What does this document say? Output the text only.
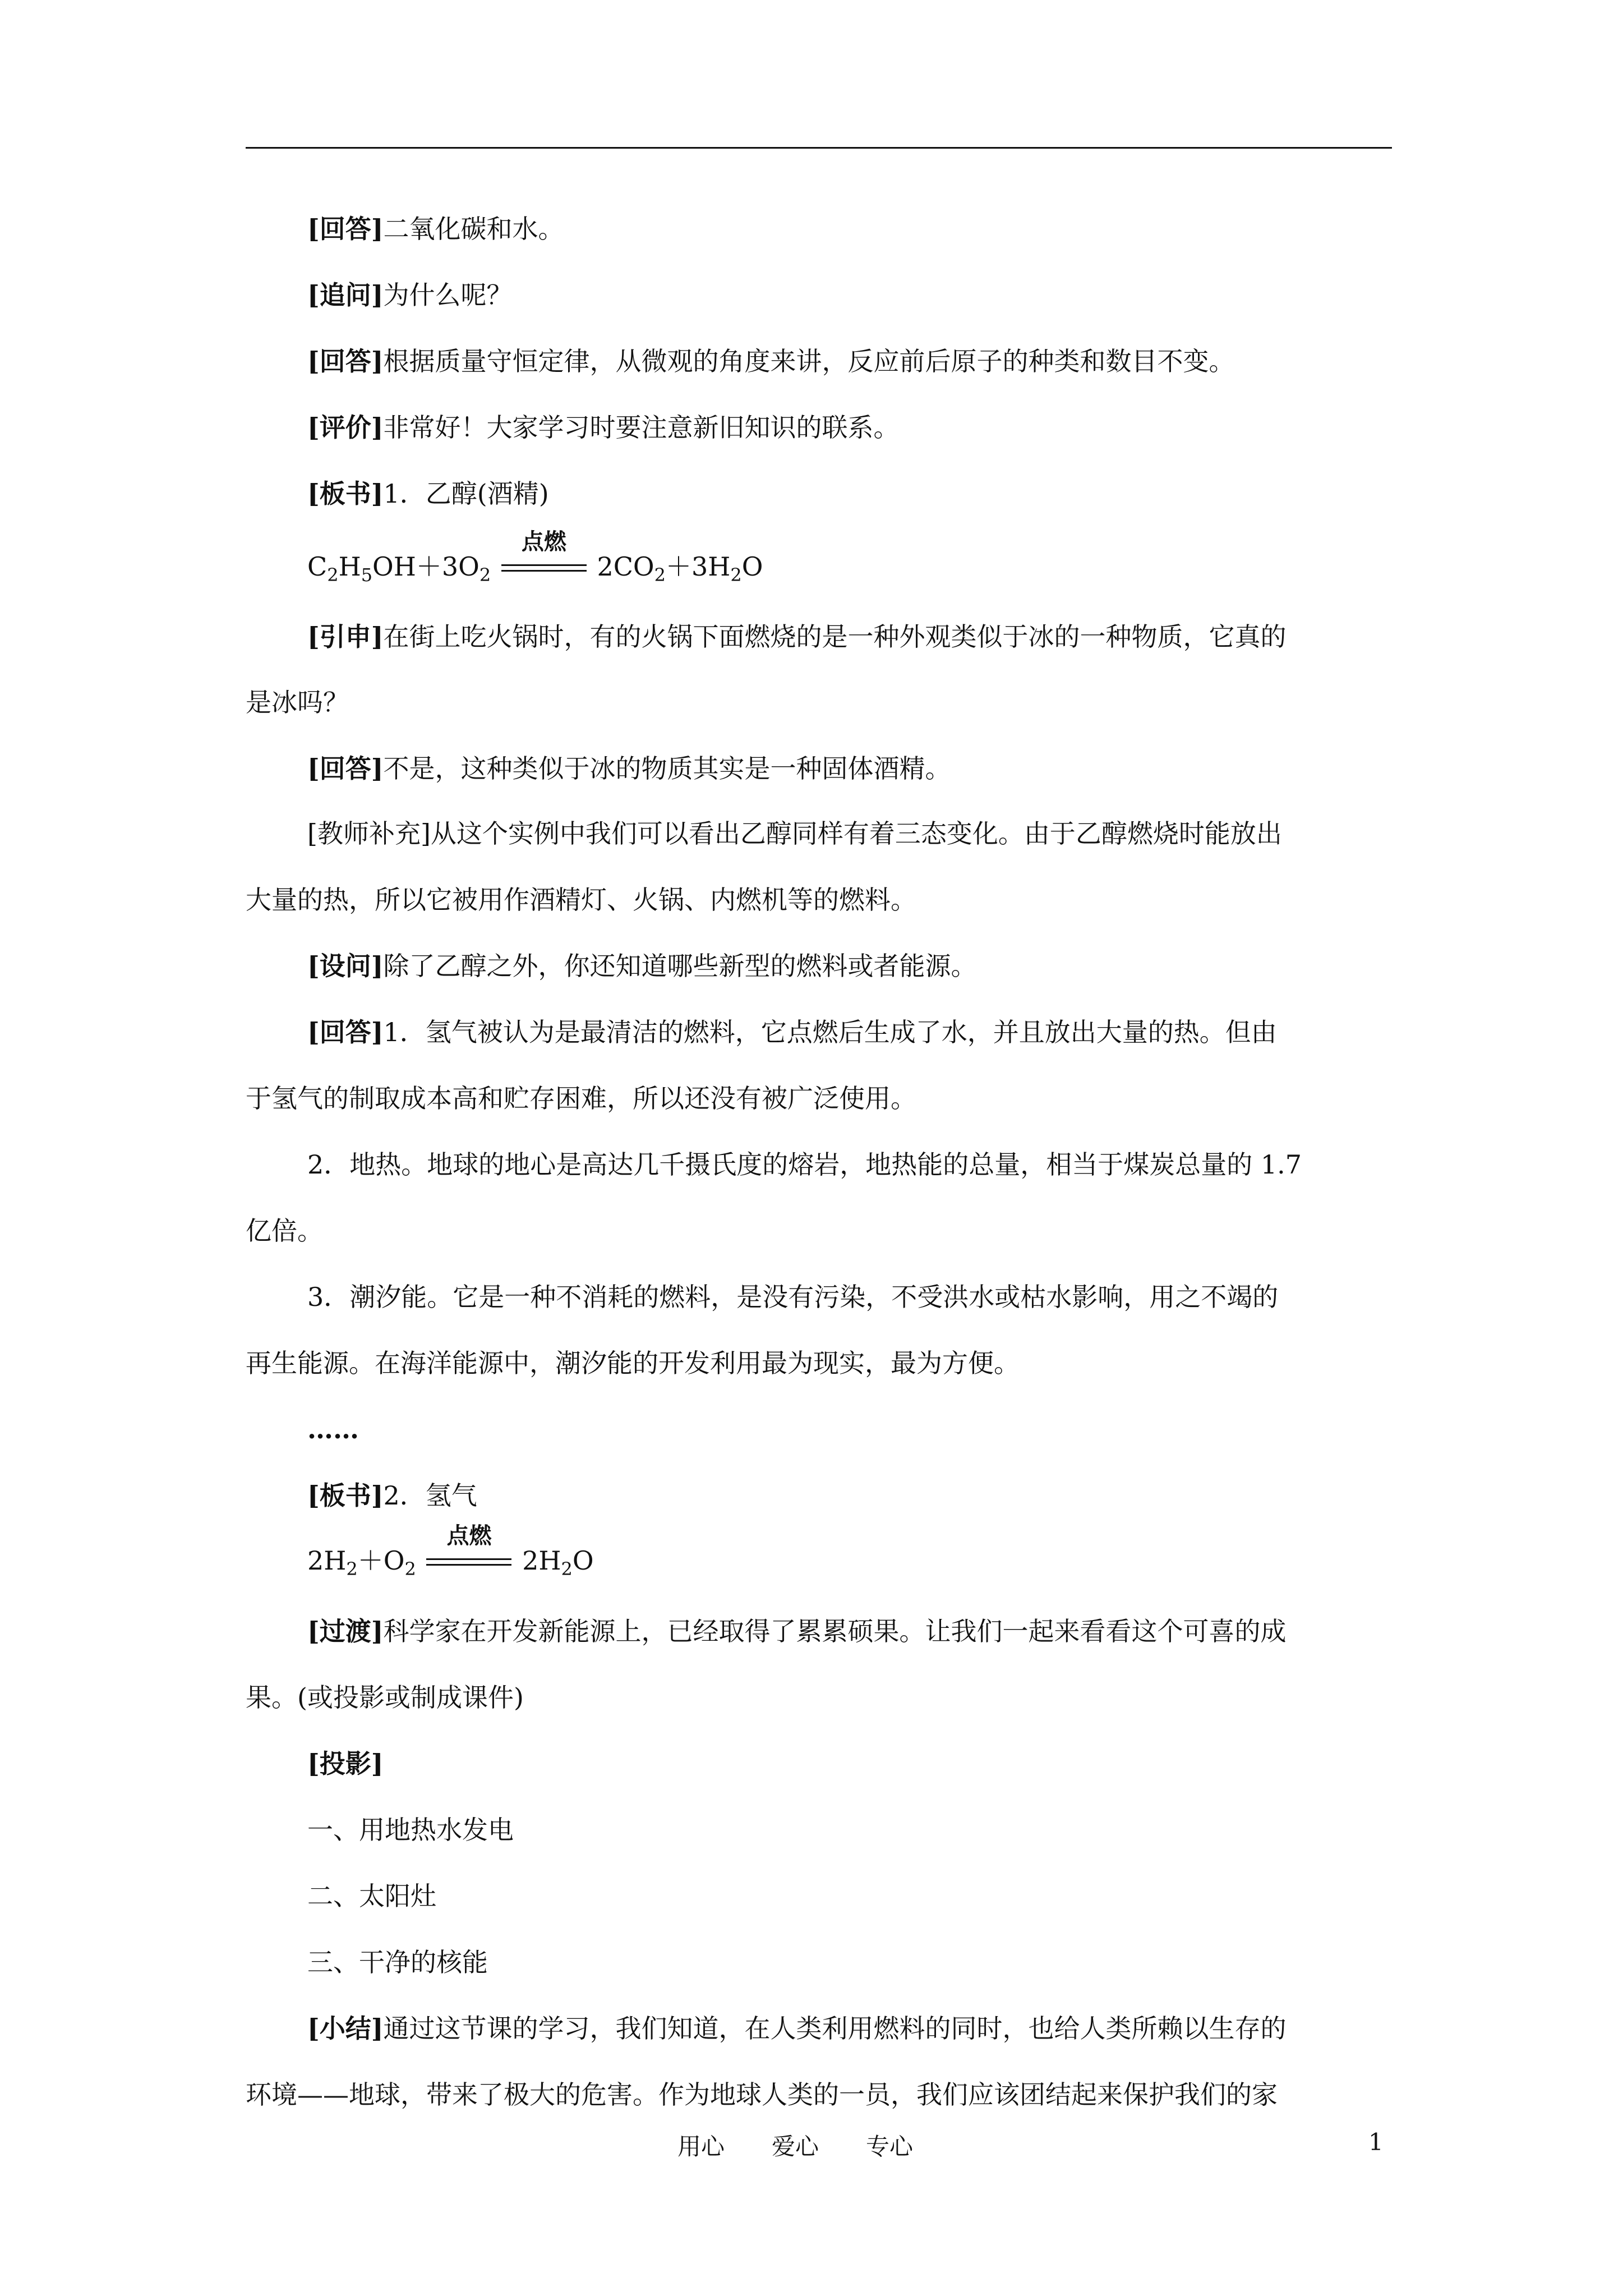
[回答]二氧化碳和水。
[追问]为什么呢？
[回答]根据质量守恒定律，从微观的角度来讲，反应前后原子的种类和数目不变。
[评价]非常好！大家学习时要注意新旧知识的联系。
[板书]1．乙醇(酒精)
$C_2H_5OH+3O_2$
点燃
$2CO_2+3H_2O$
[引申]在街上吃火锅时，有的火锅下面燃烧的是一种外观类似于冰的一种物质，它真的
是冰吗？
[回答]不是，这种类似于冰的物质其实是一种固体酒精。
[教师补充]从这个实例中我们可以看出乙醇同样有着三态变化。由于乙醇燃烧时能放出
大量的热，所以它被用作酒精灯、火锅、内燃机等的燃料。
[设问]除了乙醇之外，你还知道哪些新型的燃料或者能源。
[回答]1．氢气被认为是最清洁的燃料，它点燃后生成了水，并且放出大量的热。但由
于氢气的制取成本高和贮存困难，所以还没有被广泛使用。
2．地热。地球的地心是高达几千摄氏度的熔岩，地热能的总量，相当于煤炭总量的 1.7
亿倍。
3．潮汐能。它是一种不消耗的燃料，是没有污染，不受洪水或枯水影响，用之不竭的
再生能源。在海洋能源中，潮汐能的开发利用最为现实，最为方便。
……
[板书]2．氢气
$2H_2+O_2$
点燃
$2H_2O$
[过渡]科学家在开发新能源上，已经取得了累累硕果。让我们一起来看看这个可喜的成
果。(或投影或制成课件)
[投影]
一、用地热水发电
二、太阳灶
三、干净的核能
[小结]通过这节课的学习，我们知道，在人类利用燃料的同时，也给人类所赖以生存的
环境——地球，带来了极大的危害。作为地球人类的一员，我们应该团结起来保护我们的家
用心　　爱心　　专心	1
